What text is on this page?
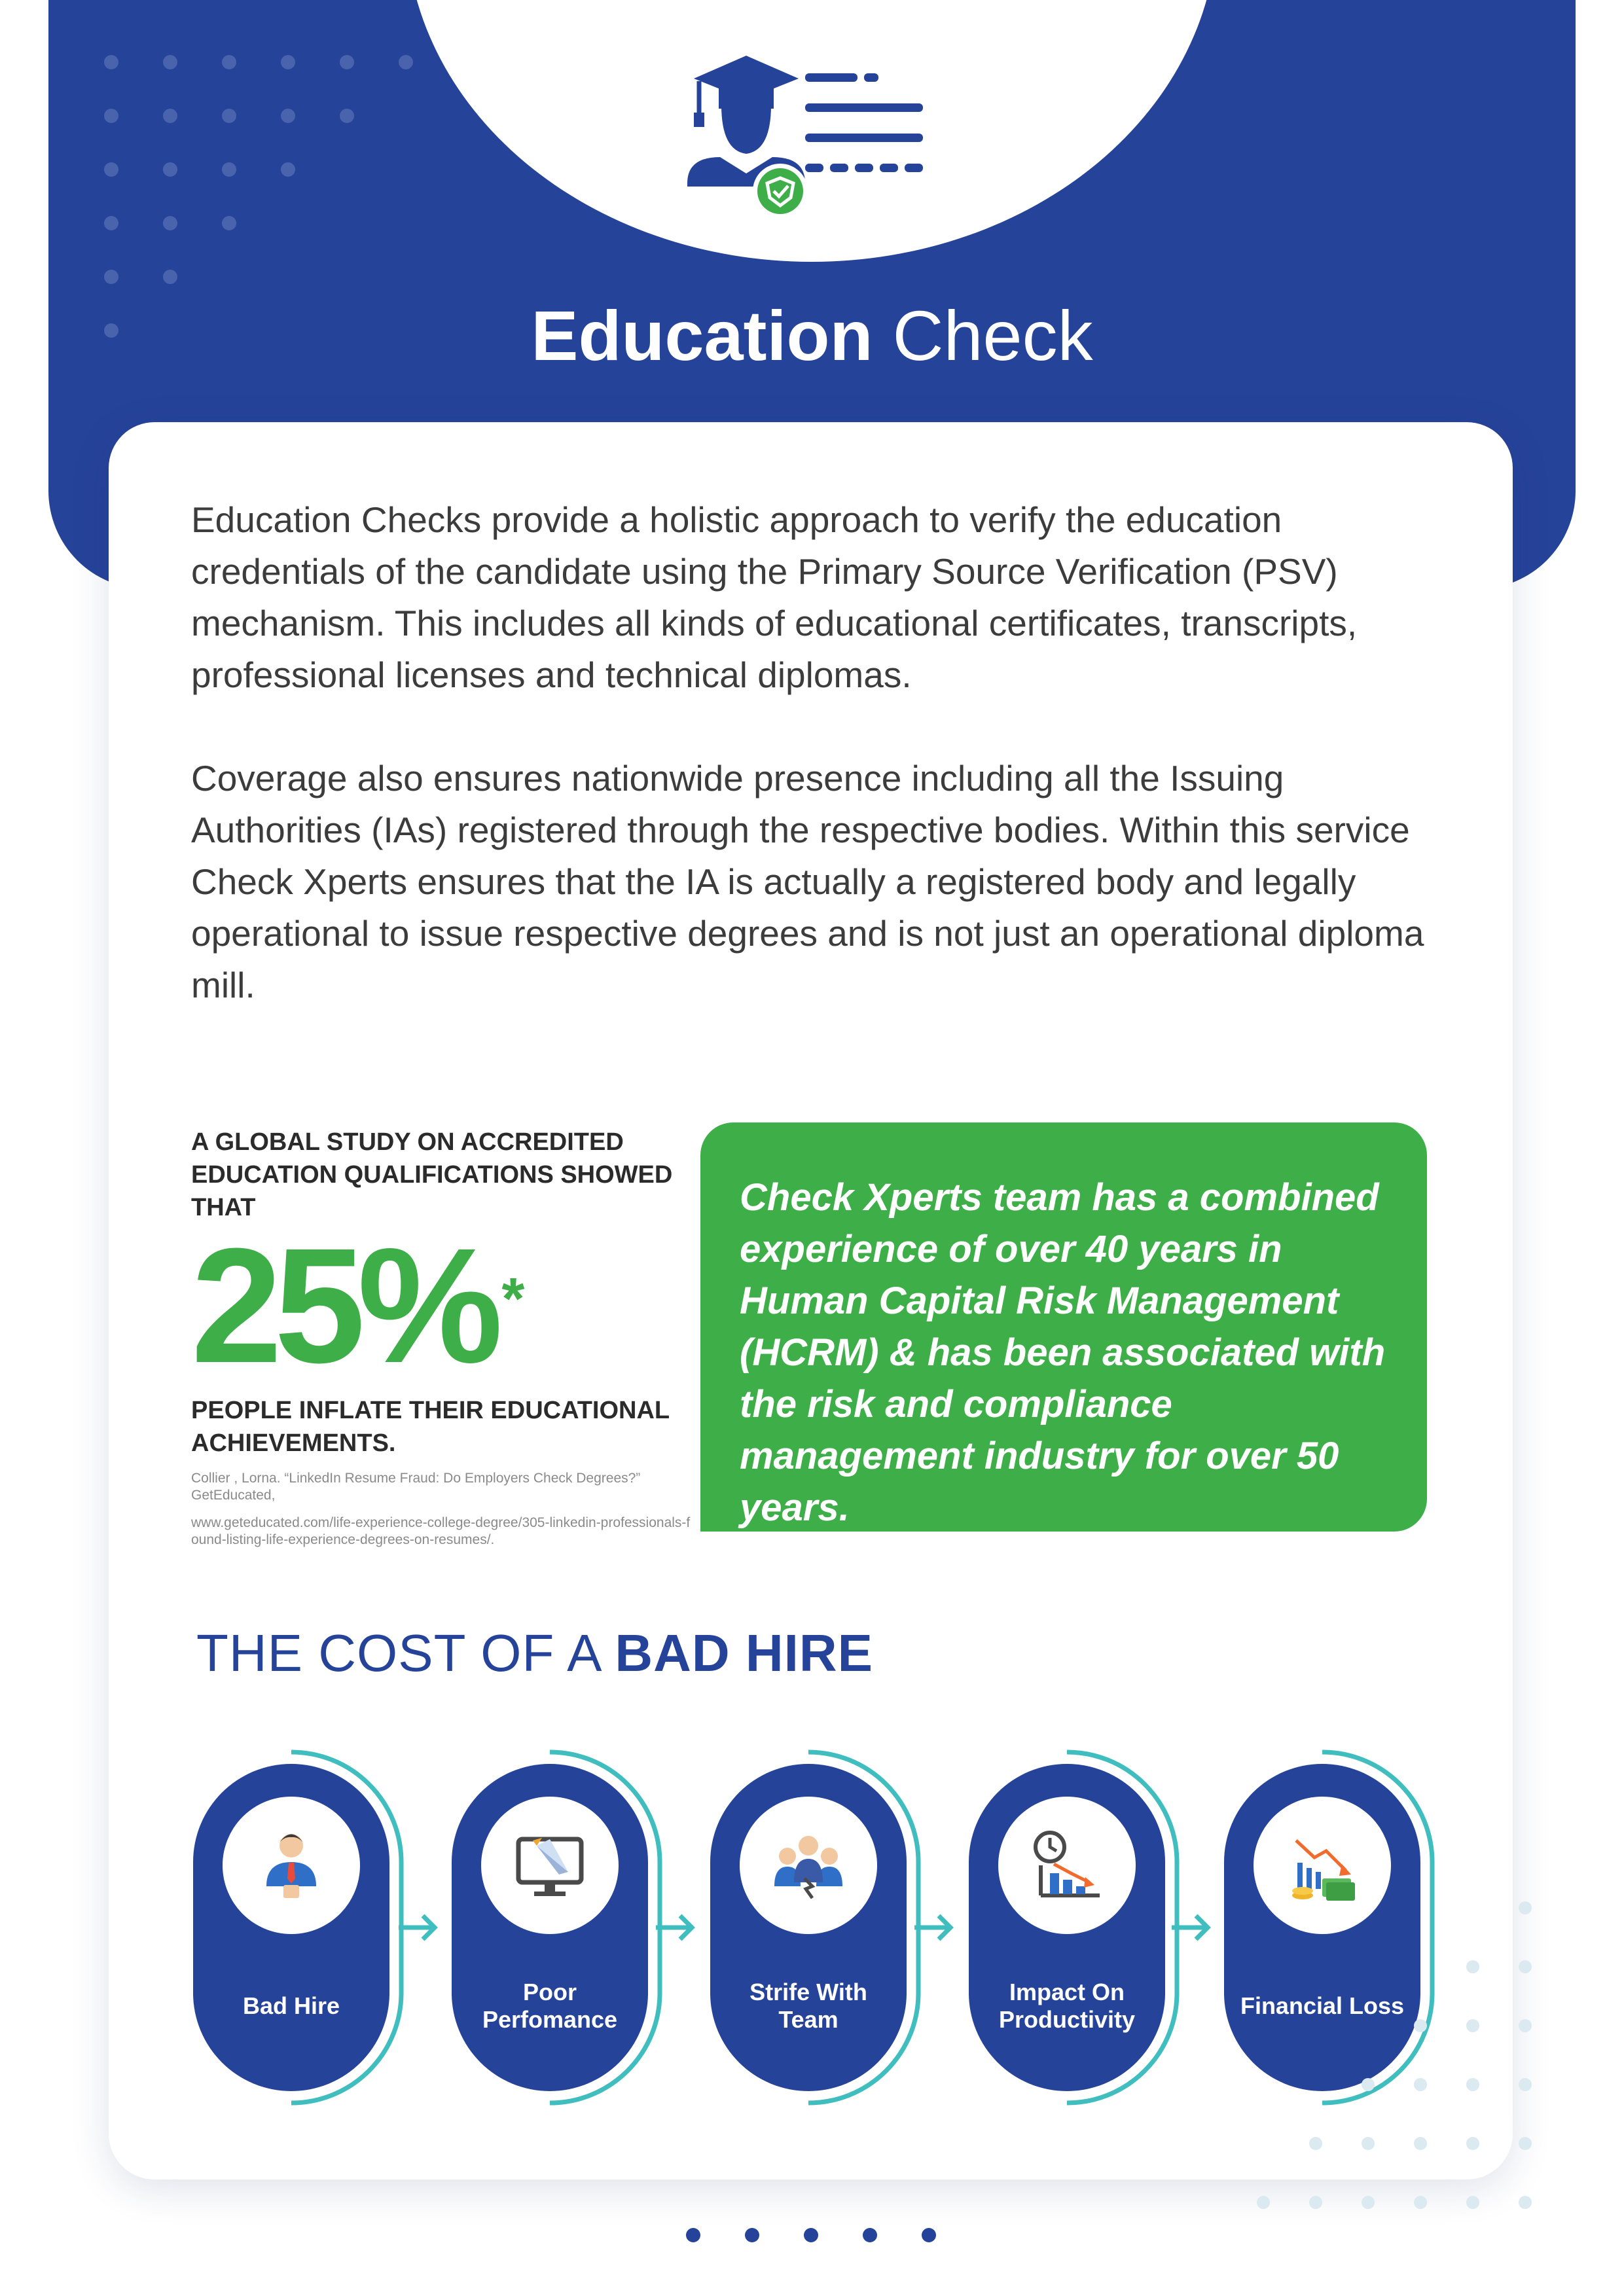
Education Check

Education Checks provide a holistic approach to verify the education credentials of the candidate using the Primary Source Verification (PSV) mechanism. This includes all kinds of educational certificates, transcripts, professional licenses and technical diplomas.

Coverage also ensures nationwide presence including all the Issuing Authorities (IAs) registered through the respective bodies. Within this service Check Xperts ensures that the IA is actually a registered body and legally operational to issue respective degrees and is not just an operational diploma mill.

A GLOBAL STUDY ON ACCREDITED EDUCATION QUALIFICATIONS SHOWED THAT
25% *
PEOPLE INFLATE THEIR EDUCATIONAL ACHIEVEMENTS.
Collier , Lorna. “LinkedIn Resume Fraud: Do Employers Check Degrees?” GetEducated,
www.geteducated.com/life-experience-college-degree/305-linkedin-professionals-found-listing-life-experience-degrees-on-resumes/.
Check Xperts team has a combined experience of over 40 years in Human Capital Risk Management (HCRM) & has been associated with the risk and compliance management industry for over 50 years.
THE COST OF A BAD HIRE
Bad Hire
Poor Perfomance
Strife With Team
Impact On Productivity
Financial Loss
